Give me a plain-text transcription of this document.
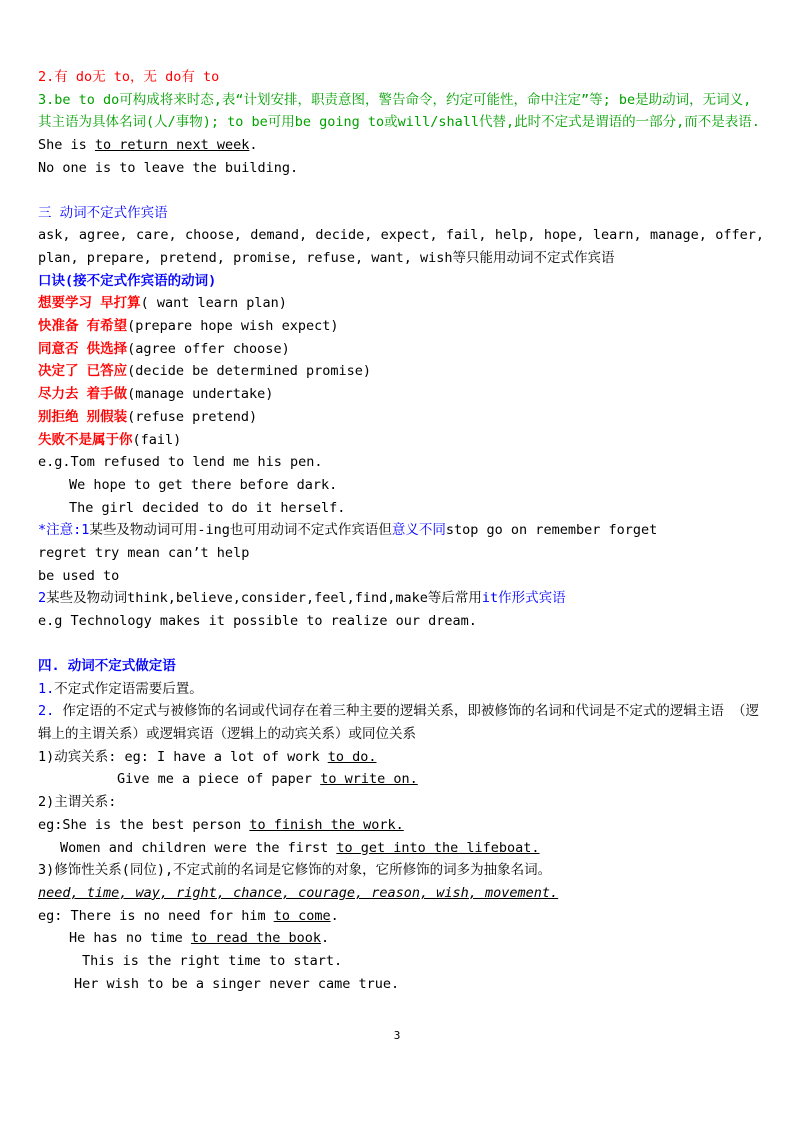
2.有 do无 to，无 do有 to
3.be to do可构成将来时态,表“计划安排，职责意图，警告命令，约定可能性，命中注定”等; be是助动词，无词义,其主语为具体名词(人/事物); to be可用be going to或will/shall代替,此时不定式是谓语的一部分,而不是表语.
She is to return next week.
No one is to leave the building.
三 动词不定式作宾语
ask, agree, care, choose, demand, decide, expect, fail, help, hope, learn, manage, offer,
plan, prepare, pretend, promise, refuse, want, wish等只能用动词不定式作宾语
口诀(接不定式作宾语的动词)
想要学习 早打算( want learn plan)
快准备 有希望(prepare hope wish expect)
同意否 供选择(agree offer choose)
决定了 已答应(decide be determined promise)
尽力去 着手做(manage undertake)
别拒绝 别假装(refuse pretend)
失败不是属于你(fail)
e.g.Tom refused to lend me his pen.
We hope to get there before dark.
The girl decided to do it herself.
*注意:1某些及物动词可用-ing也可用动词不定式作宾语但意义不同stop go on remember forget
regret try mean can’t help
be used to
2某些及物动词think,believe,consider,feel,find,make等后常用it作形式宾语
e.g Technology makes it possible to realize our dream.
四. 动词不定式做定语
1.不定式作定语需要后置。
2. 作定语的不定式与被修饰的名词或代词存在着三种主要的逻辑关系，即被修饰的名词和代词是不定式的逻辑主语 （逻辑上的主谓关系）或逻辑宾语（逻辑上的动宾关系）或同位关系
1)动宾关系: eg: I have a lot of work to do.
Give me a piece of paper to write on.
2)主谓关系:
eg:She is the best person to finish the work.
Women and children were the first to get into the lifeboat.
3)修饰性关系(同位),不定式前的名词是它修饰的对象，它所修饰的词多为抽象名词。
need, time, way, right, chance, courage, reason, wish, movement.
eg: There is no need for him to come.
He has no time to read the book.
This is the right time to start.
Her wish to be a singer never came true.
3
